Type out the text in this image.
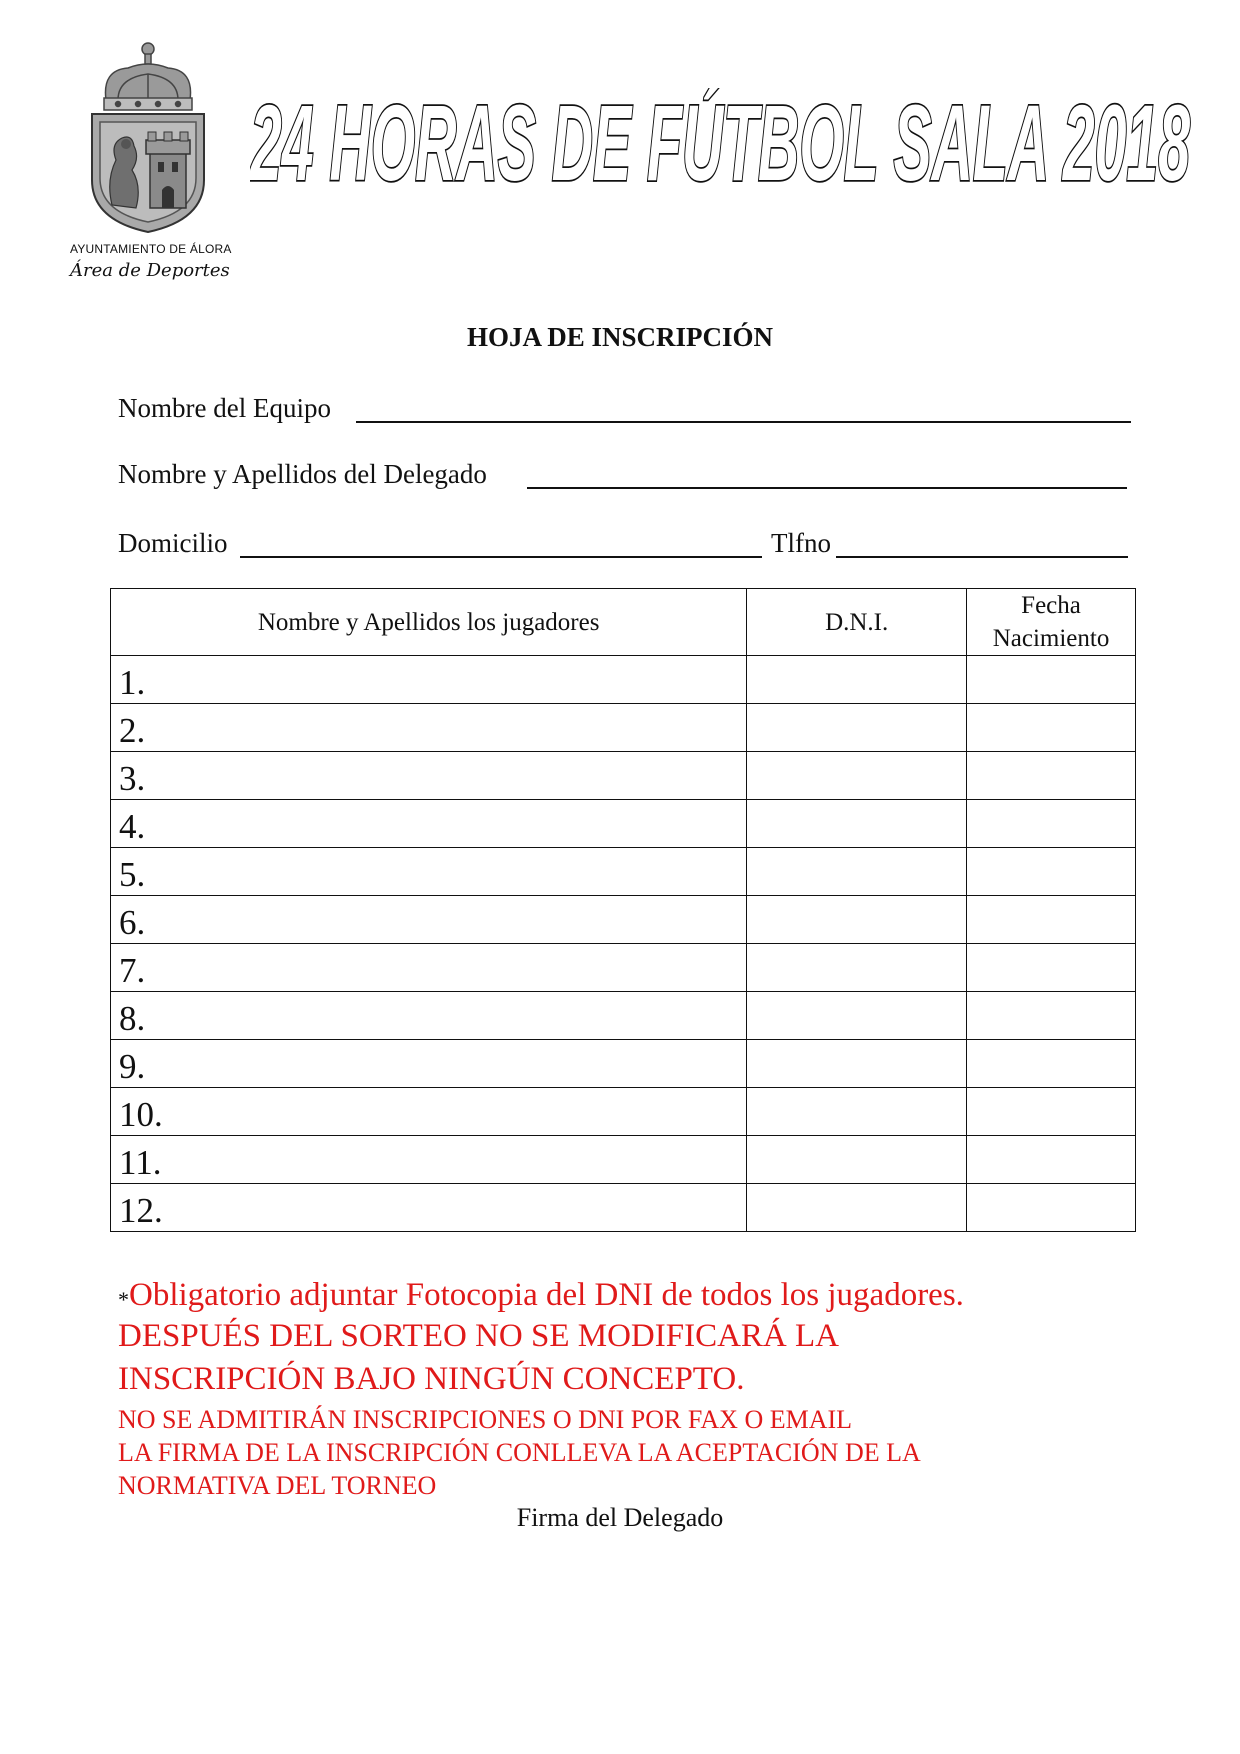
AYUNTAMIENTO DE ÁLORA
Área de Deportes
24 HORAS DE FÚTBOL SALA 2018
HOJA DE INSCRIPCIÓN
Nombre del Equipo
Nombre y Apellidos del Delegado
Domicilio	Tlfno
Nombre y Apellidos los jugadores	D.N.I.	Fecha
Nacimiento
1.		
2.		
3.		
4.		
5.		
6.		
7.		
8.		
9.		
10.		
11.		
12.		
*Obligatorio adjuntar Fotocopia del DNI de todos los jugadores.
DESPUÉS DEL SORTEO NO SE MODIFICARÁ LA
INSCRIPCIÓN BAJO NINGÚN CONCEPTO.
NO SE ADMITIRÁN INSCRIPCIONES O DNI POR FAX O EMAIL
LA FIRMA DE LA INSCRIPCIÓN CONLLEVA LA ACEPTACIÓN DE LA
NORMATIVA DEL TORNEO
Firma del Delegado
